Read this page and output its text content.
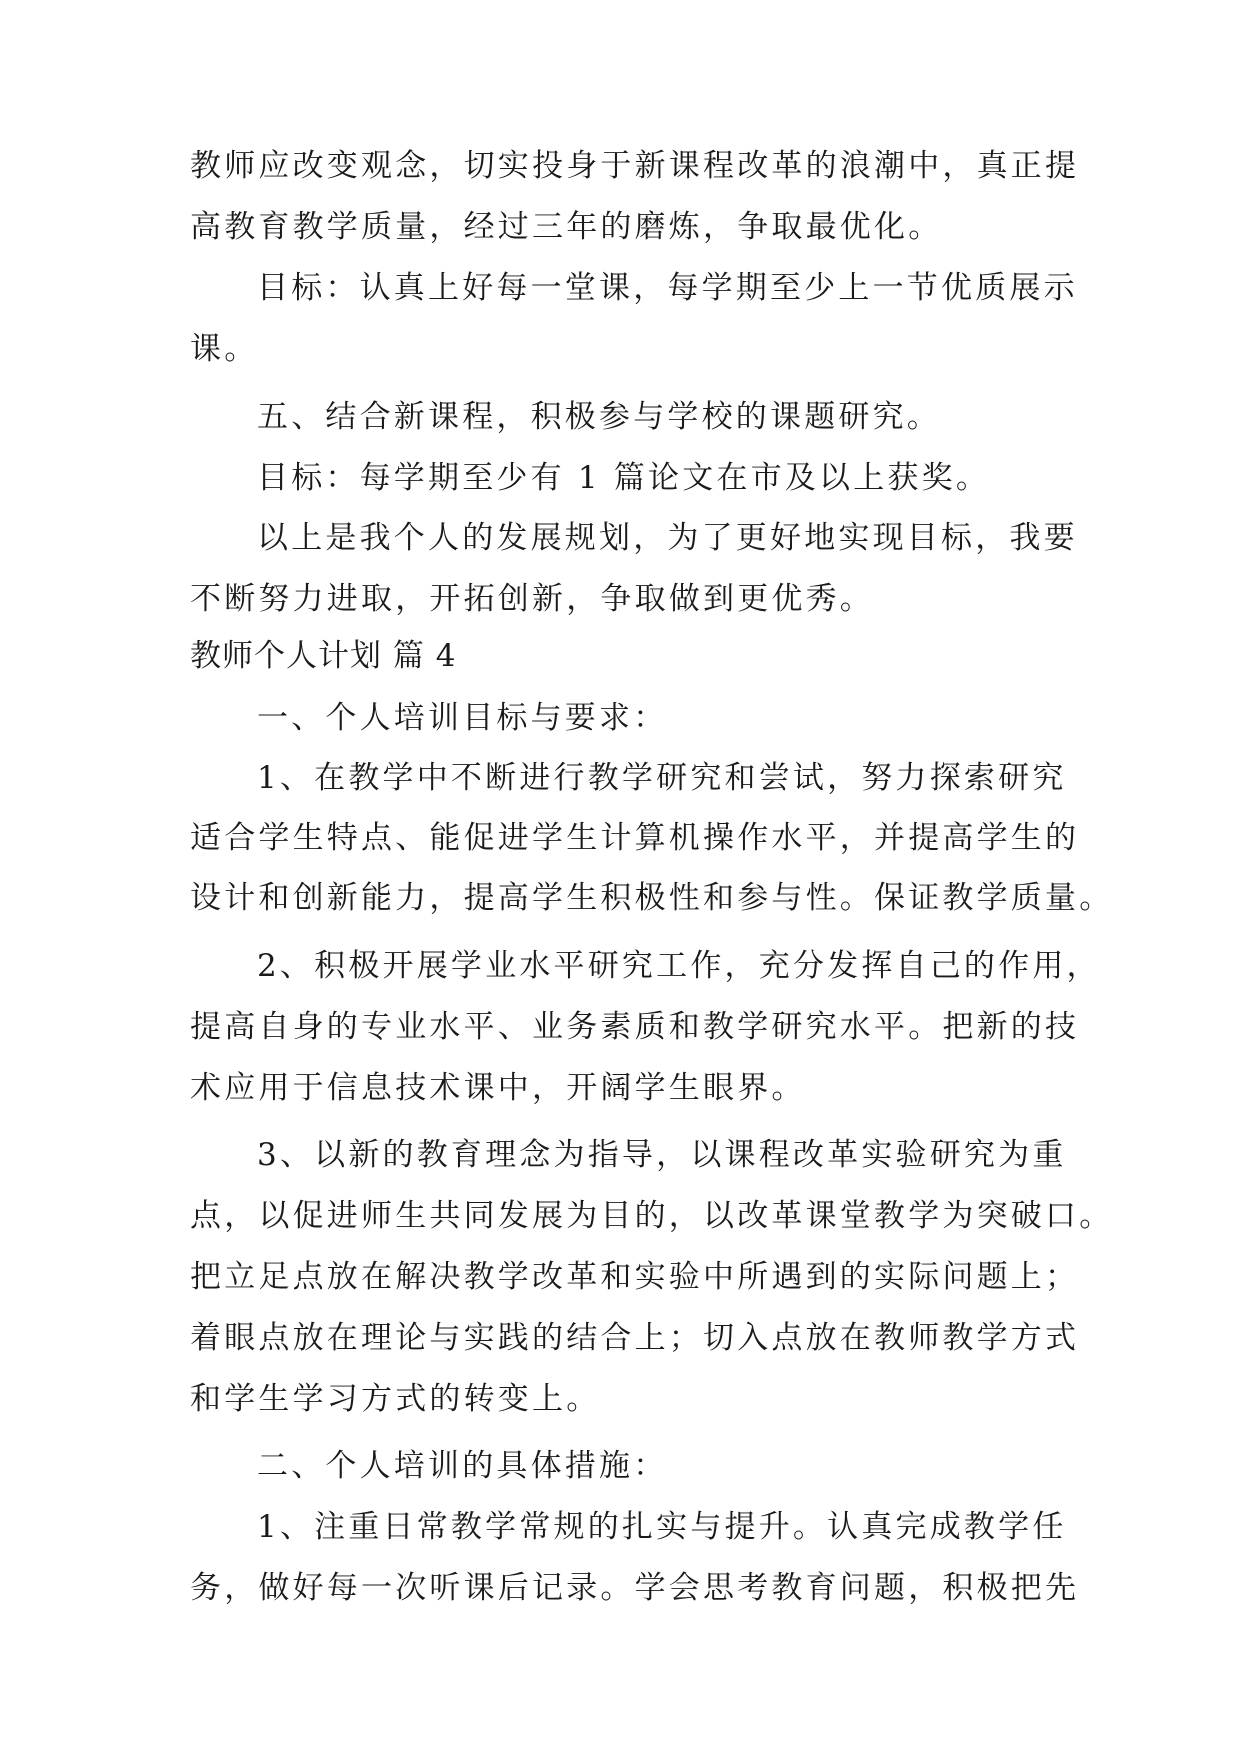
教师应改变观念，切实投身于新课程改革的浪潮中，真正提
高教育教学质量，经过三年的磨炼，争取最优化。
目标：认真上好每一堂课，每学期至少上一节优质展示
课。
五、结合新课程，积极参与学校的课题研究。
目标：每学期至少有 1 篇论文在市及以上获奖。
以上是我个人的发展规划，为了更好地实现目标，我要
不断努力进取，开拓创新，争取做到更优秀。
教师个人计划 篇 4
一、个人培训目标与要求：
1、在教学中不断进行教学研究和尝试，努力探索研究
适合学生特点、能促进学生计算机操作水平，并提高学生的
设计和创新能力，提高学生积极性和参与性。保证教学质量。
2、积极开展学业水平研究工作，充分发挥自己的作用，
提高自身的专业水平、业务素质和教学研究水平。把新的技
术应用于信息技术课中，开阔学生眼界。
3、以新的教育理念为指导，以课程改革实验研究为重
点，以促进师生共同发展为目的，以改革课堂教学为突破口。
把立足点放在解决教学改革和实验中所遇到的实际问题上；
着眼点放在理论与实践的结合上；切入点放在教师教学方式
和学生学习方式的转变上。
二、个人培训的具体措施：
1、注重日常教学常规的扎实与提升。认真完成教学任
务，做好每一次听课后记录。学会思考教育问题，积极把先
